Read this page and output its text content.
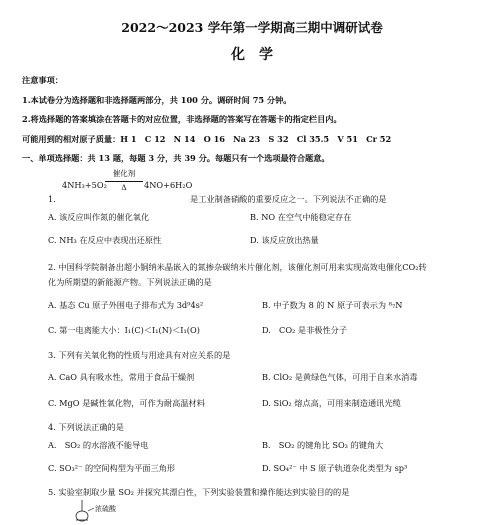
2022～2023 学年第一学期高三期中调研试卷
化　学
注意事项：
1.本试卷分为选择题和非选择题两部分，共 100 分。调研时间 75 分钟。
2.将选择题的答案填涂在答题卡的对应位置，非选择题的答案写在答题卡的指定栏目内。
可能用到的相对原子质量：H 1　C 12　N 14　O 16　Na 23　S 32　Cl 35.5　V 51　Cr 52
一、单项选择题：共 13 题，每题 3 分，共 39 分。每题只有一个选项最符合题意。
1.
4NH₃+5O₂
催化剂
Δ	4NO+6H₂O
是工业制备硝酸的重要反应之一。下列说法不正确的是
A. 该反应叫作氮的催化氧化	B. NO 在空气中能稳定存在
C. NH₃ 在反应中表现出还原性	D. 该反应放出热量
2. 中国科学院制备出超小铜纳米晶嵌入的氮掺杂碳纳米片催化剂，该催化剂可用来实现高效电催化CO₂转
化为所期望的新能源产物。下列说法正确的是
A. 基态 Cu 原子外围电子排布式为 3d⁹4s²	B. 中子数为 8 的 N 原子可表示为 ⁸₇N
C. 第一电离能大小：I₁(C)＜I₁(N)＜I₁(O)	D.　CO₂ 是非极性分子
3. 下列有关氧化物的性质与用途具有对应关系的是
A. CaO 具有吸水性，常用于食品干燥剂	B. ClO₂ 是黄绿色气体，可用于自来水消毒
C. MgO 是碱性氧化物，可作为耐高温材料	D. SiO₂ 熔点高，可用来制造通讯光缆
4. 下列说法正确的是
A.　SO₂ 的水溶液不能导电	B.　SO₂ 的键角比 SO₃ 的键角大
C. SO₃²⁻ 的空间构型为平面三角形	D. SO₄²⁻ 中 S 原子轨道杂化类型为 sp³
5. 实验室制取少量 SO₂ 并探究其漂白性，下列实验装置和操作能达到实验目的的是
浓硫酸
